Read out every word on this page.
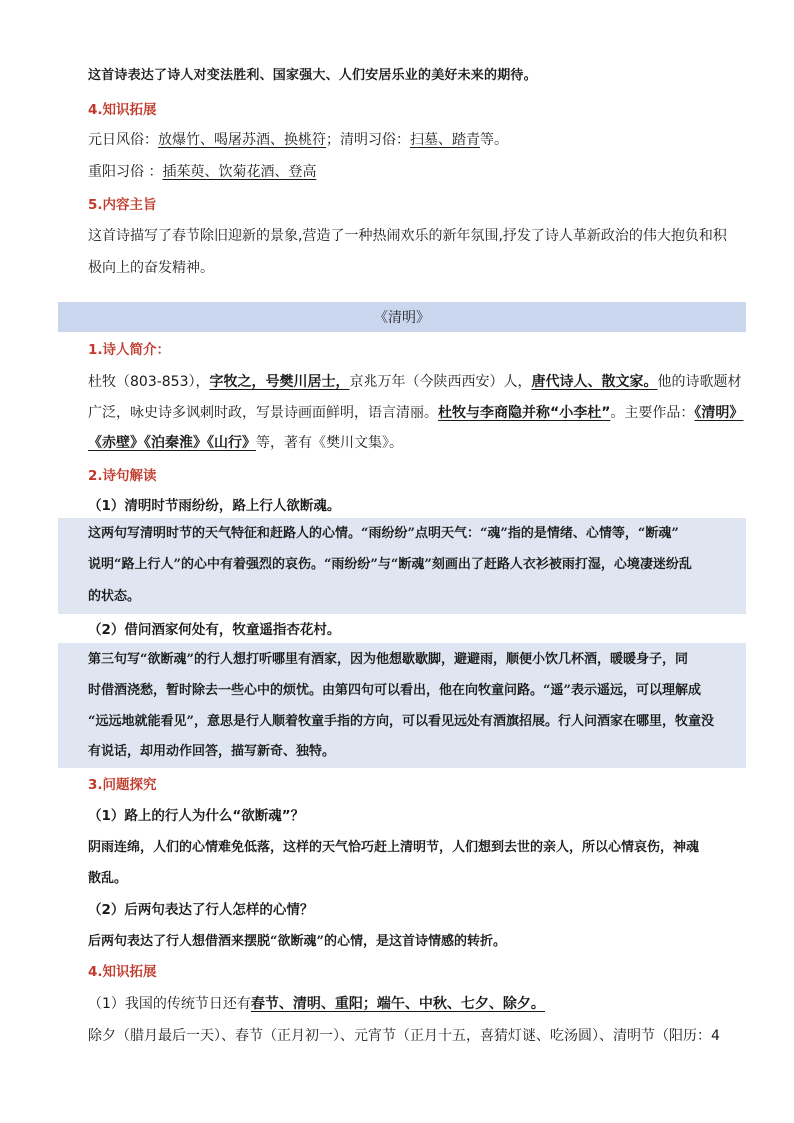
这首诗表达了诗人对变法胜利、国家强大、人们安居乐业的美好未来的期待。
4.知识拓展
元日风俗：放爆竹、喝屠苏酒、换桃符；清明习俗：扫墓、踏青等。
重阳习俗 ：插茱萸、饮菊花酒、登高
5.内容主旨
这首诗描写了春节除旧迎新的景象,营造了一种热闹欢乐的新年氛围,抒发了诗人革新政治的伟大抱负和积
极向上的奋发精神。
《清明》
1.诗人简介：
杜牧（803-853），字牧之，号樊川居士，京兆万年（今陕西西安）人，唐代诗人、散文家。他的诗歌题材
广泛，咏史诗多讽刺时政，写景诗画面鲜明，语言清丽。杜牧与李商隐并称“小李杜”。主要作品：《清明》
《赤壁》《泊秦淮》《山行》等，著有《樊川文集》。
2.诗句解读
（1）清明时节雨纷纷，路上行人欲断魂。
这两句写清明时节的天气特征和赶路人的心情。“雨纷纷”点明天气：“魂”指的是情绪、心情等，“断魂”
说明“路上行人”的心中有着强烈的哀伤。“雨纷纷”与“断魂”刻画出了赶路人衣衫被雨打湿，心境凄迷纷乱
的状态。
（2）借问酒家何处有，牧童遥指杏花村。
第三句写“欲断魂”的行人想打听哪里有酒家，因为他想歇歇脚，避避雨，顺便小饮几杯酒，暖暖身子，同
时借酒浇愁，暂时除去一些心中的烦忧。由第四句可以看出，他在向牧童问路。“遥”表示遥远，可以理解成
“远远地就能看见”，意思是行人顺着牧童手指的方向，可以看见远处有酒旗招展。行人问酒家在哪里，牧童没
有说话，却用动作回答，描写新奇、独特。
3.问题探究
（1）路上的行人为什么“欲断魂”？
阴雨连绵，人们的心情难免低落，这样的天气恰巧赶上清明节，人们想到去世的亲人，所以心情哀伤，神魂
散乱。
（2）后两句表达了行人怎样的心情？
后两句表达了行人想借酒来摆脱“欲断魂”的心情，是这首诗情感的转折。
4.知识拓展
（1）我国的传统节日还有春节、清明、重阳；端午、中秋、七夕、除夕。
除夕（腊月最后一天）、春节（正月初一）、元宵节（正月十五，喜猜灯谜、吃汤圆）、清明节（阳历：4
